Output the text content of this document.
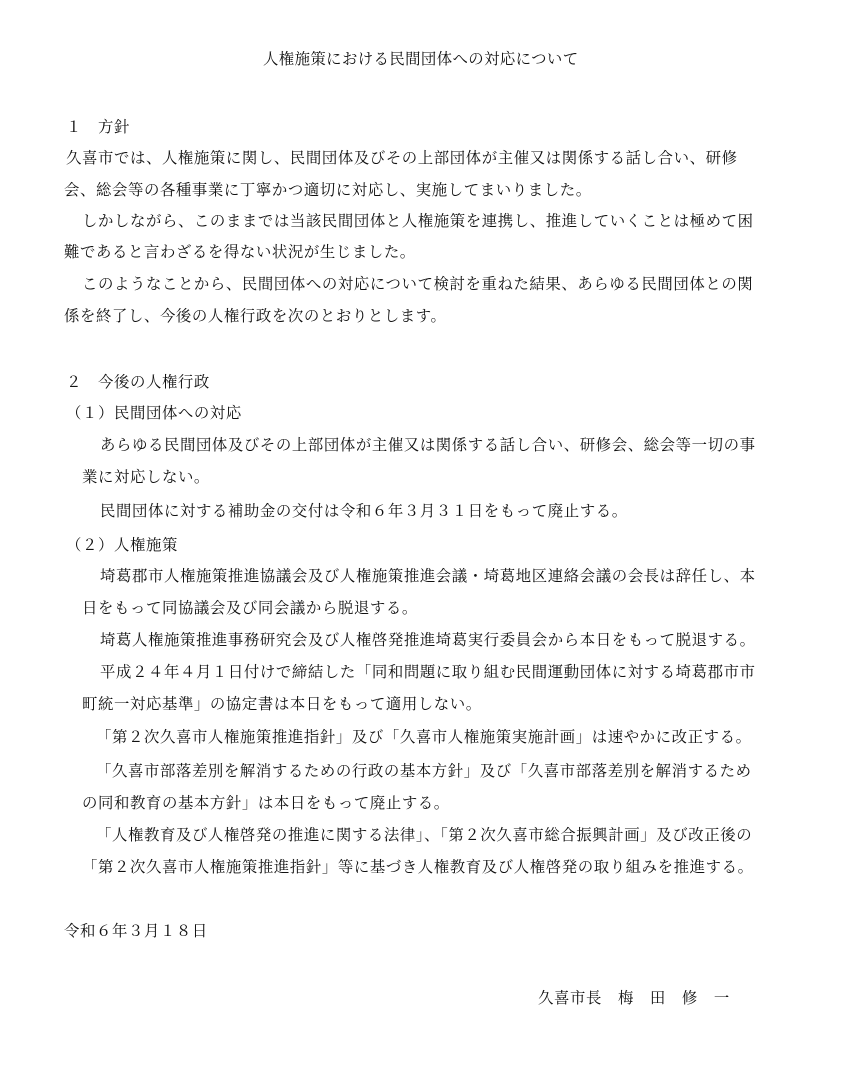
人権施策における民間団体への対応について

１　方針

久喜市では、人権施策に関し、民間団体及びその上部団体が主催又は関係する話し合い、研修

会、総会等の各種事業に丁寧かつ適切に対応し、実施してまいりました。

しかしながら、このままでは当該民間団体と人権施策を連携し、推進していくことは極めて困

難であると言わざるを得ない状況が生じました。

このようなことから、民間団体への対応について検討を重ねた結果、あらゆる民間団体との関

係を終了し、今後の人権行政を次のとおりとします。

２　今後の人権行政

（１）民間団体への対応

あらゆる民間団体及びその上部団体が主催又は関係する話し合い、研修会、総会等一切の事

業に対応しない。

民間団体に対する補助金の交付は令和６年３月３１日をもって廃止する。

（２）人権施策

埼葛郡市人権施策推進協議会及び人権施策推進会議・埼葛地区連絡会議の会長は辞任し、本

日をもって同協議会及び同会議から脱退する。

埼葛人権施策推進事務研究会及び人権啓発推進埼葛実行委員会から本日をもって脱退する。

平成２４年４月１日付けで締結した「同和問題に取り組む民間運動団体に対する埼葛郡市市

町統一対応基準」の協定書は本日をもって適用しない。

「第２次久喜市人権施策推進指針」及び「久喜市人権施策実施計画」は速やかに改正する。

「久喜市部落差別を解消するための行政の基本方針」及び「久喜市部落差別を解消するため

の同和教育の基本方針」は本日をもって廃止する。

「人権教育及び人権啓発の推進に関する法律」、「第２次久喜市総合振興計画」及び改正後の

「第２次久喜市人権施策推進指針」等に基づき人権教育及び人権啓発の取り組みを推進する。

令和６年３月１８日

久喜市長　梅　田　修　一
